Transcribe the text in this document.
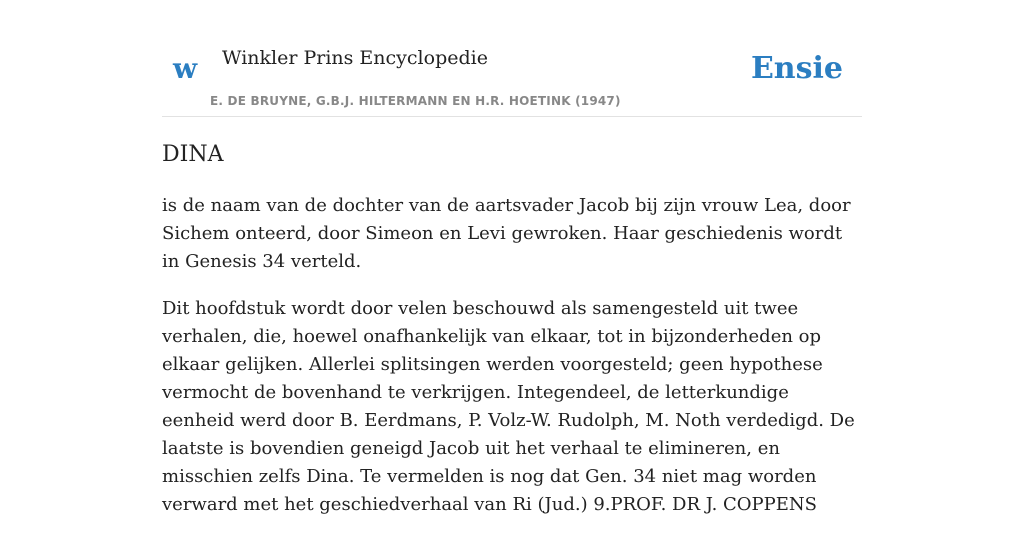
w Winkler Prins Encyclopedie
E. DE BRUYNE, G.B.J. HILTERMANN EN H.R. HOETINK (1947)
Ensie
DINA

is de naam van de dochter van de aartsvader Jacob bij zijn vrouw Lea, door Sichem onteerd, door Simeon en Levi gewroken. Haar geschiedenis wordt in Genesis 34 verteld.

Dit hoofdstuk wordt door velen beschouwd als samengesteld uit twee verhalen, die, hoewel onafhankelijk van elkaar, tot in bijzonderheden op elkaar gelijken. Allerlei splitsingen werden voorgesteld; geen hypothese vermocht de bovenhand te verkrijgen. Integendeel, de letterkundige eenheid werd door B. Eerdmans, P. Volz-W. Rudolph, M. Noth verdedigd. De laatste is bovendien geneigd Jacob uit het verhaal te elimineren, en misschien zelfs Dina. Te vermelden is nog dat Gen. 34 niet mag worden verward met het geschiedverhaal van Ri (Jud.) 9.PROF. DR J. COPPENS
